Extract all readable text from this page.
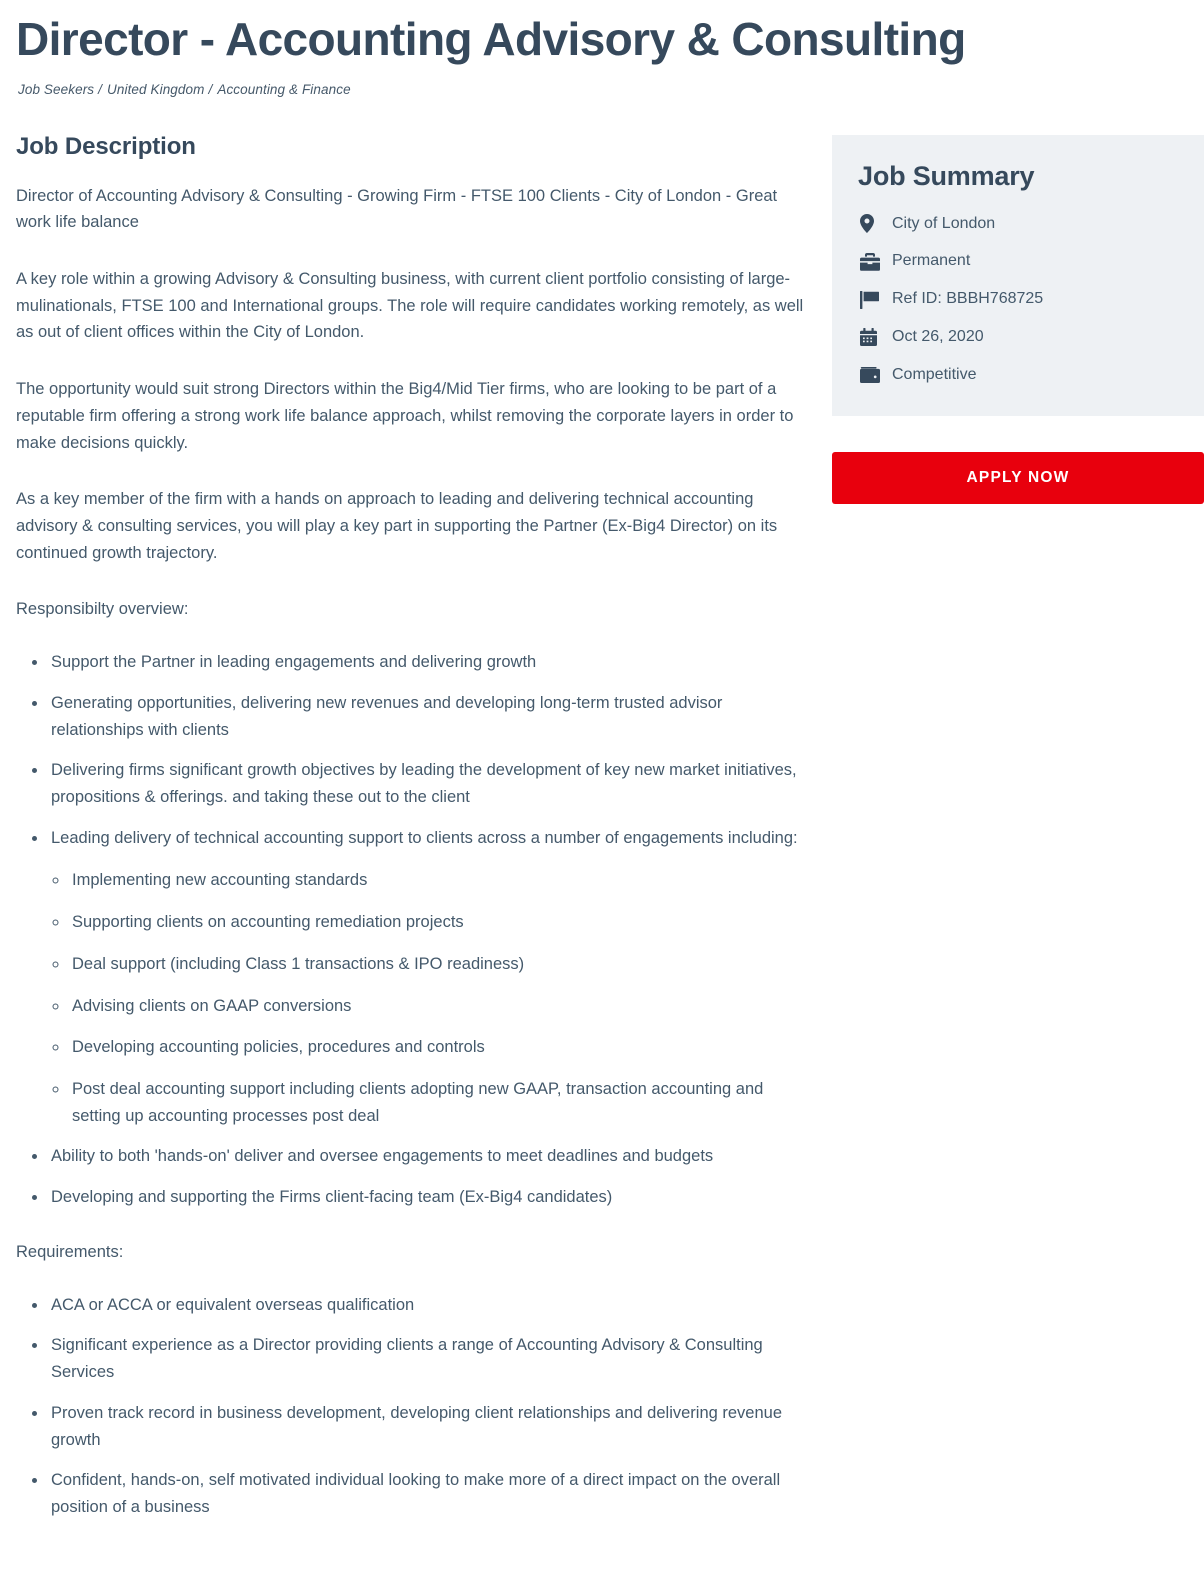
Director - Accounting Advisory & Consulting
Job Seekers / United Kingdom / Accounting & Finance
Job Description

Director of Accounting Advisory & Consulting - Growing Firm - FTSE 100 Clients - City of London - Great work life balance

A key role within a growing Advisory & Consulting business, with current client portfolio consisting of large-mulinationals, FTSE 100 and International groups. The role will require candidates working remotely, as well as out of client offices within the City of London.

The opportunity would suit strong Directors within the Big4/Mid Tier firms, who are looking to be part of a reputable firm offering a strong work life balance approach, whilst removing the corporate layers in order to make decisions quickly.

As a key member of the firm with a hands on approach to leading and delivering technical accounting advisory & consulting services, you will play a key part in supporting the Partner (Ex-Big4 Director) on its continued growth trajectory.

Responsibilty overview:

• Support the Partner in leading engagements and delivering growth
• Generating opportunities, delivering new revenues and developing long-term trusted advisor relationships with clients
• Delivering firms significant growth objectives by leading the development of key new market initiatives, propositions & offerings. and taking these out to the client
• Leading delivery of technical accounting support to clients across a number of engagements including:
◦ Implementing new accounting standards
◦ Supporting clients on accounting remediation projects
◦ Deal support (including Class 1 transactions & IPO readiness)
◦ Advising clients on GAAP conversions
◦ Developing accounting policies, procedures and controls
◦ Post deal accounting support including clients adopting new GAAP, transaction accounting and setting up accounting processes post deal
• Ability to both 'hands-on' deliver and oversee engagements to meet deadlines and budgets
• Developing and supporting the Firms client-facing team (Ex-Big4 candidates)

Requirements:

• ACA or ACCA or equivalent overseas qualification
• Significant experience as a Director providing clients a range of Accounting Advisory & Consulting Services
• Proven track record in business development, developing client relationships and delivering revenue growth
• Confident, hands-on, self motivated individual looking to make more of a direct impact on the overall position of a business
Job Summary
City of London
Permanent
Ref ID: BBBH768725
Oct 26, 2020
Competitive
APPLY NOW
